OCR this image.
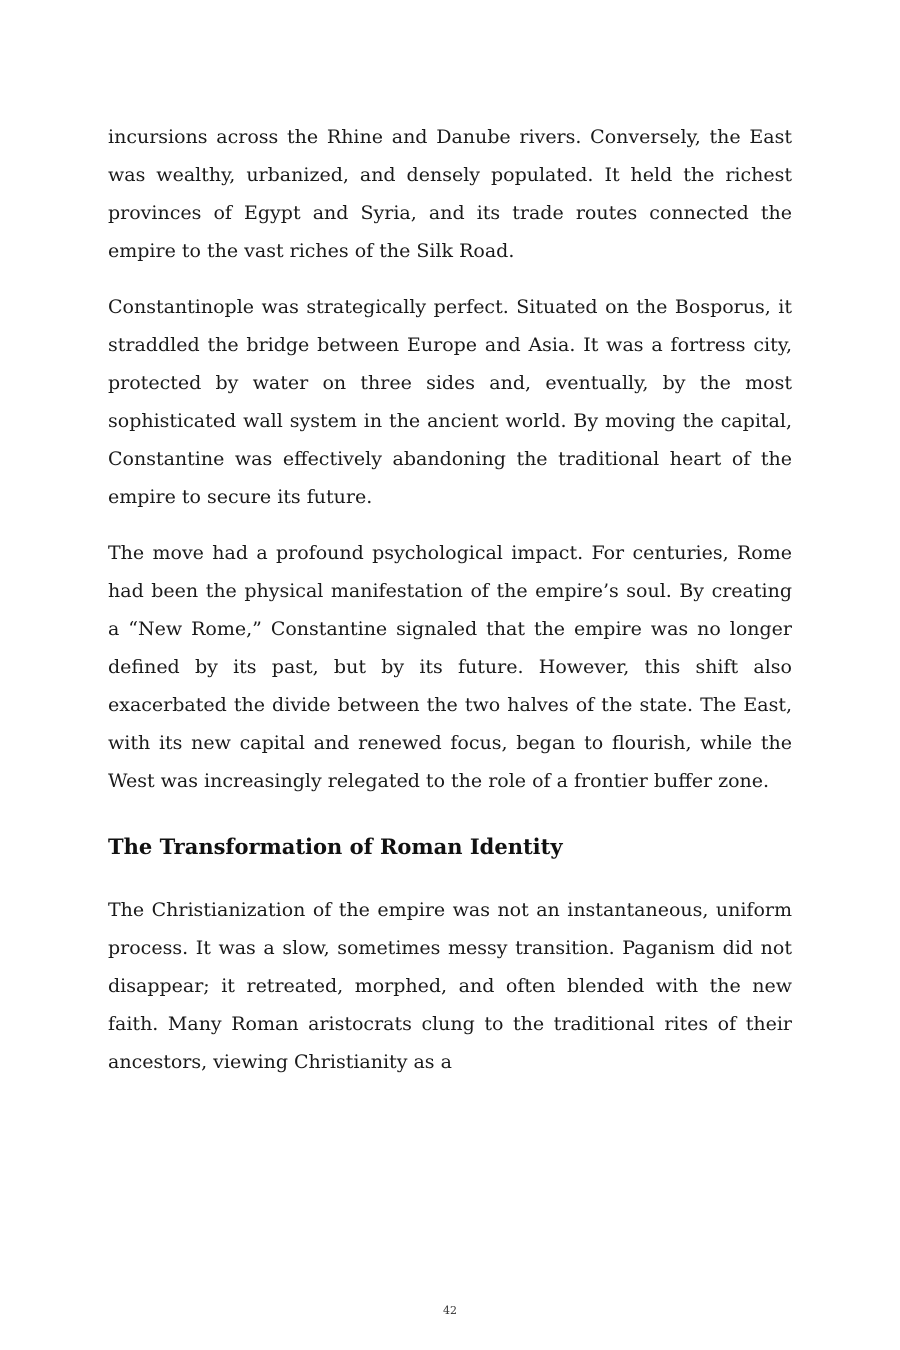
incursions across the Rhine and Danube rivers. Conversely, the East was wealthy, urbanized, and densely populated. It held the richest provinces of Egypt and Syria, and its trade routes connected the empire to the vast riches of the Silk Road.

Constantinople was strategically perfect. Situated on the Bosporus, it straddled the bridge between Europe and Asia. It was a fortress city, protected by water on three sides and, eventually, by the most sophisticated wall system in the ancient world. By moving the capital, Constantine was effectively abandoning the traditional heart of the empire to secure its future.

The move had a profound psychological impact. For centuries, Rome had been the physical manifestation of the empire’s soul. By creating a “New Rome,” Constantine signaled that the empire was no longer defined by its past, but by its future. However, this shift also exacerbated the divide between the two halves of the state. The East, with its new capital and renewed focus, began to flourish, while the West was increasingly relegated to the role of a frontier buffer zone.

The Transformation of Roman Identity

The Christianization of the empire was not an instantaneous, uniform process. It was a slow, sometimes messy transition. Paganism did not disappear; it retreated, morphed, and often blended with the new faith. Many Roman aristocrats clung to the traditional rites of their ancestors, viewing Christianity as a

42
